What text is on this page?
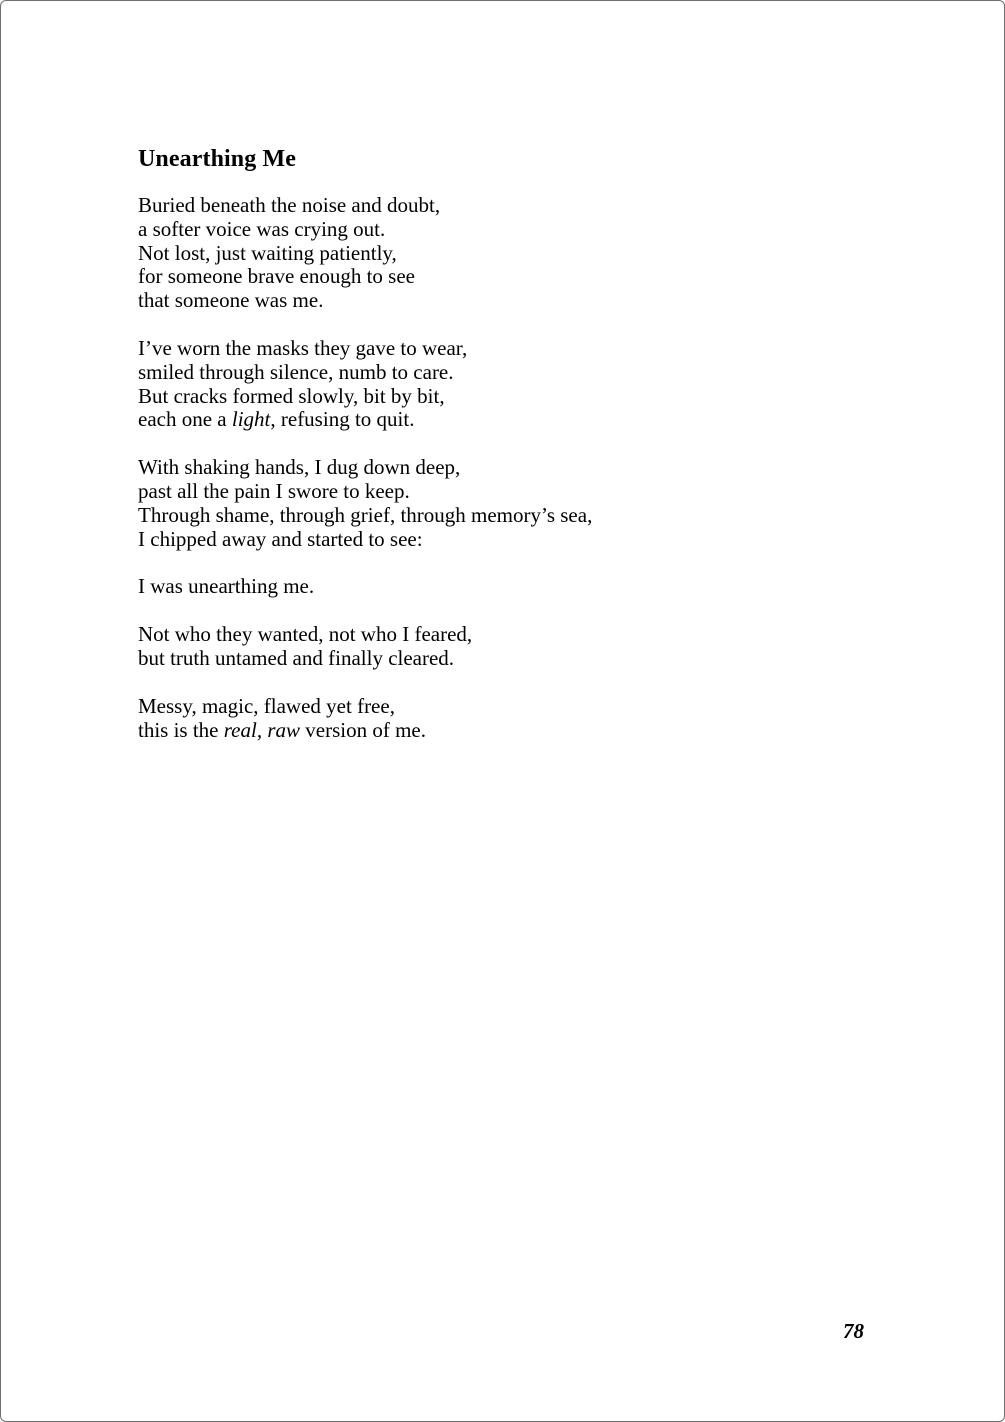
Unearthing Me
Buried beneath the noise and doubt,
a softer voice was crying out.
Not lost, just waiting patiently,
for someone brave enough to see
that someone was me.
I’ve worn the masks they gave to wear,
smiled through silence, numb to care.
But cracks formed slowly, bit by bit,
each one a light, refusing to quit.
With shaking hands, I dug down deep,
past all the pain I swore to keep.
Through shame, through grief, through memory’s sea,
I chipped away and started to see:
I was unearthing me.
Not who they wanted, not who I feared,
but truth untamed and finally cleared.
Messy, magic, flawed yet free,
this is the real, raw version of me.
78
